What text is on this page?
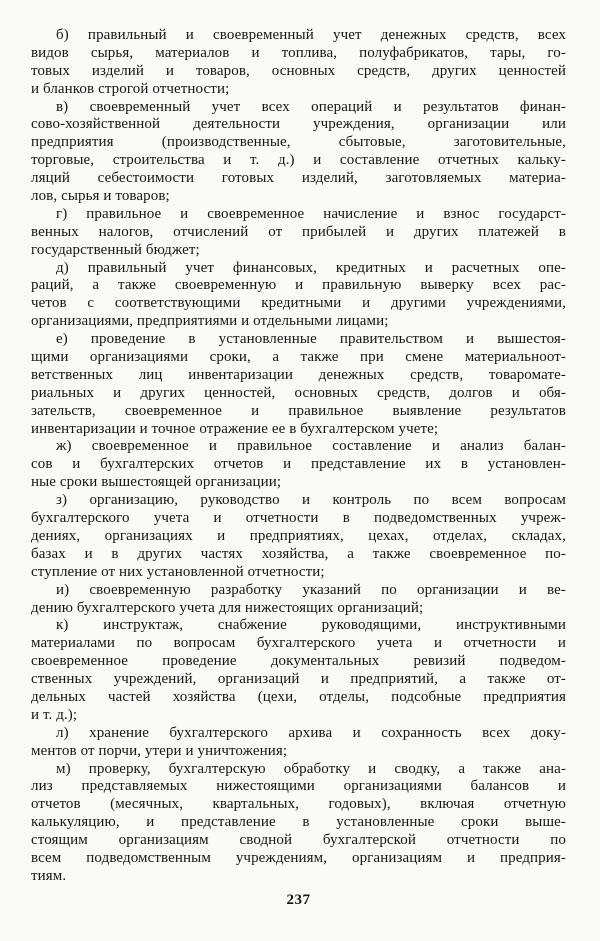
б) правильный и своевременный учет денежных средств, всех
видов сырья, материалов и топлива, полуфабрикатов, тары, го-
товых изделий и товаров, основных средств, других ценностей
и бланков строгой отчетности;
в) своевременный учет всех операций и результатов финан-
сово-хозяйственной деятельности учреждения, организации или
предприятия (производственные, сбытовые, заготовительные,
торговые, строительства и т. д.) и составление отчетных кальку-
ляций себестоимости готовых изделий, заготовляемых материа-
лов, сырья и товаров;
г) правильное и своевременное начисление и взнос государст-
венных налогов, отчислений от прибылей и других платежей в
государственный бюджет;
д) правильный учет финансовых, кредитных и расчетных опе-
раций, а также своевременную и правильную выверку всех рас-
четов с соответствующими кредитными и другими учреждениями,
организациями, предприятиями и отдельными лицами;
е) проведение в установленные правительством и вышестоя-
щими организациями сроки, а также при смене материальноот-
ветственных лиц инвентаризации денежных средств, товаромате-
риальных и других ценностей, основных средств, долгов и обя-
зательств, своевременное и правильное выявление результатов
инвентаризации и точное отражение ее в бухгалтерском учете;
ж) своевременное и правильное составление и анализ балан-
сов и бухгалтерских отчетов и представление их в установлен-
ные сроки вышестоящей организации;
з) организацию, руководство и контроль по всем вопросам
бухгалтерского учета и отчетности в подведомственных учреж-
дениях, организациях и предприятиях, цехах, отделах, складах,
базах и в других частях хозяйства, а также своевременное по-
ступление от них установленной отчетности;
и) своевременную разработку указаний по организации и ве-
дению бухгалтерского учета для нижестоящих организаций;
к) инструктаж, снабжение руководящими, инструктивными
материалами по вопросам бухгалтерского учета и отчетности и
своевременное проведение документальных ревизий подведом-
ственных учреждений, организаций и предприятий, а также от-
дельных частей хозяйства (цехи, отделы, подсобные предприятия
и т. д.);
л) хранение бухгалтерского архива и сохранность всех доку-
ментов от порчи, утери и уничтожения;
м) проверку, бухгалтерскую обработку и сводку, а также ана-
лиз представляемых нижестоящими организациями балансов и
отчетов (месячных, квартальных, годовых), включая отчетную
калькуляцию, и представление в установленные сроки выше-
стоящим организациям сводной бухгалтерской отчетности по
всем подведомственным учреждениям, организациям и предприя-
тиям.
237
